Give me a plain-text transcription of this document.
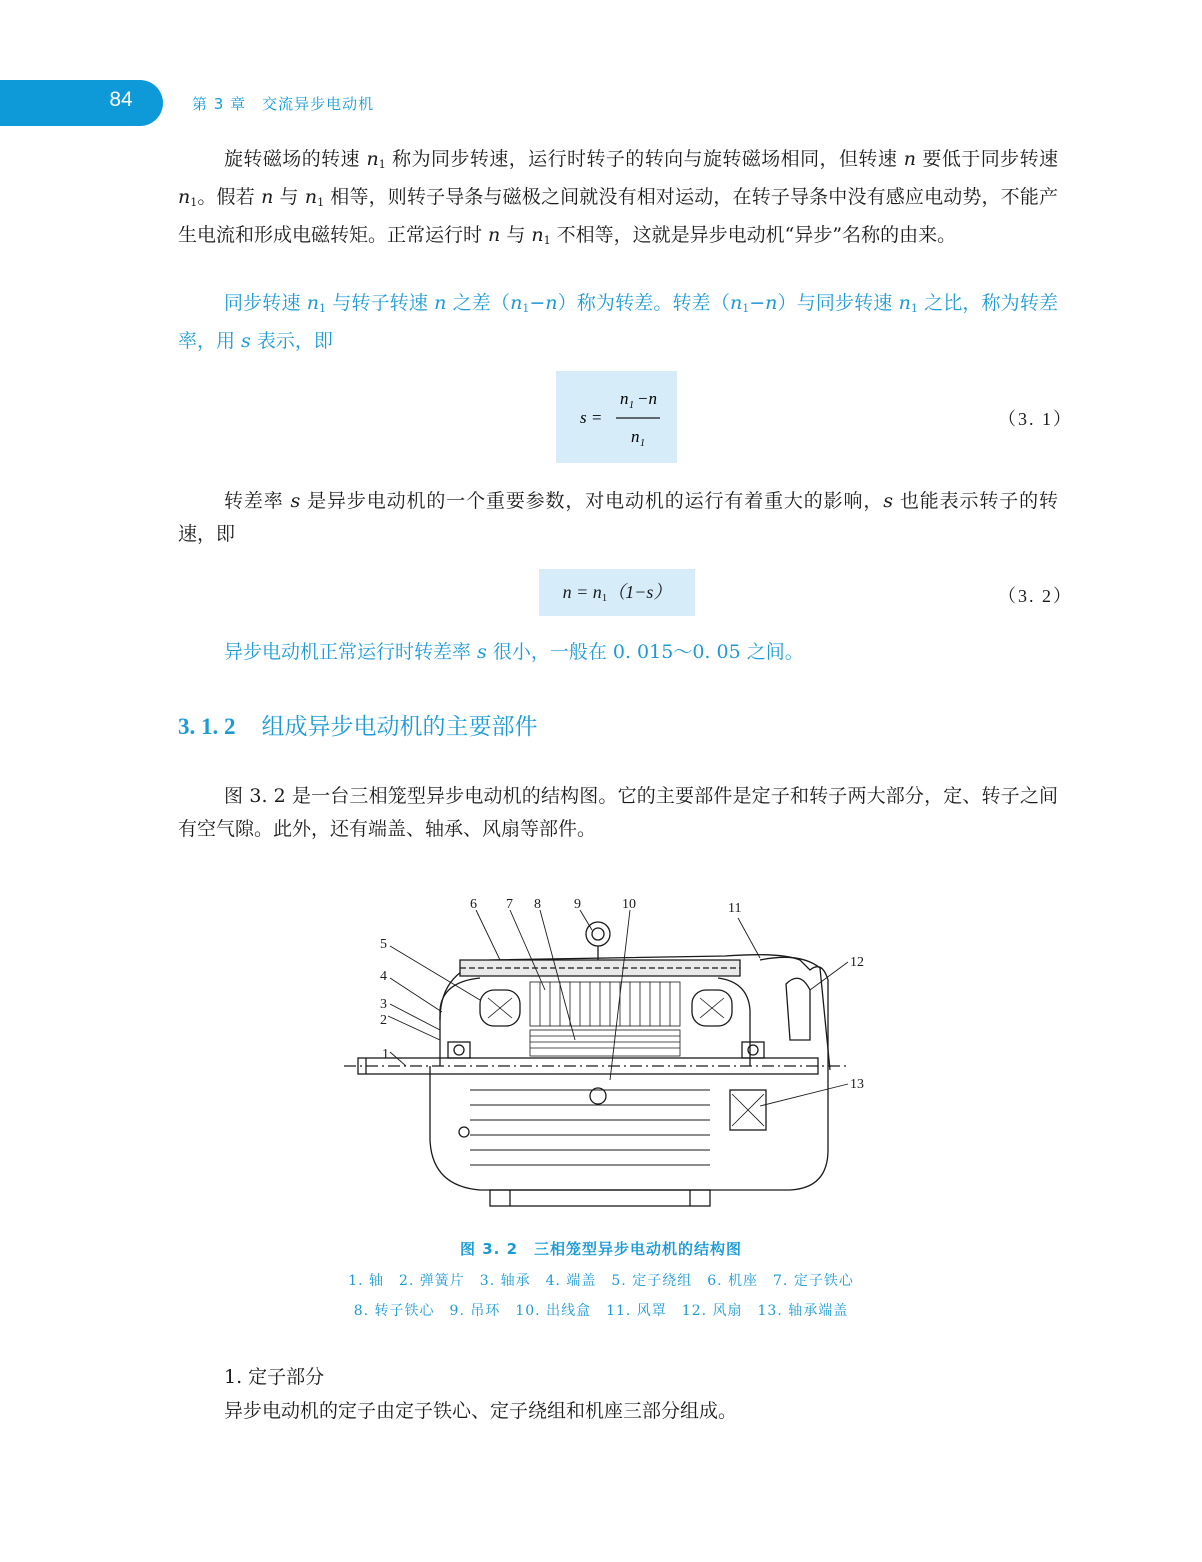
84	第 3 章　交流异步电动机

旋转磁场的转速 $n_1$ 称为同步转速，运行时转子的转向与旋转磁场相同，但转速 n 要低于同步转速 $n_1$。假若 n 与 $n_1$ 相等，则转子导条与磁极之间就没有相对运动，在转子导条中没有感应电动势，不能产生电流和形成电磁转矩。正常运行时 n 与 $n_1$ 不相等，这就是异步电动机“异步”名称的由来。

同步转速 $n_1$ 与转子转速 n 之差$(n_1-n)$称为转差。转差$(n_1-n)$与同步转速 $n_1$ 之比，称为转差率，用 s 表示，即

s =
n 1 −n
n 1
（3. 1）

转差率 s 是异步电动机的一个重要参数，对电动机的运行有着重大的影响，s 也能表示转子的转速，即

$n = n_1(1-s)$	（3. 2）

异步电动机正常运行时转差率 s 很小，一般在 0. 015～0. 05 之间。

3. 1. 2 组成异步电动机的主要部件

图 3. 2 是一台三相笼型异步电动机的结构图。它的主要部件是定子和转子两大部分，定、转子之间有空气隙。此外，还有端盖、轴承、风扇等部件。

1
2
3
4
5
6 7 8 9	10	11
12
13
图 3. 2　三相笼型异步电动机的结构图
1. 轴　2. 弹簧片　3. 轴承　4. 端盖　5. 定子绕组　6. 机座　7. 定子铁心
8. 转子铁心　9. 吊环　10. 出线盒　11. 风罩　12. 风扇　13. 轴承端盖
1. 定子部分

异步电动机的定子由定子铁心、定子绕组和机座三部分组成。
